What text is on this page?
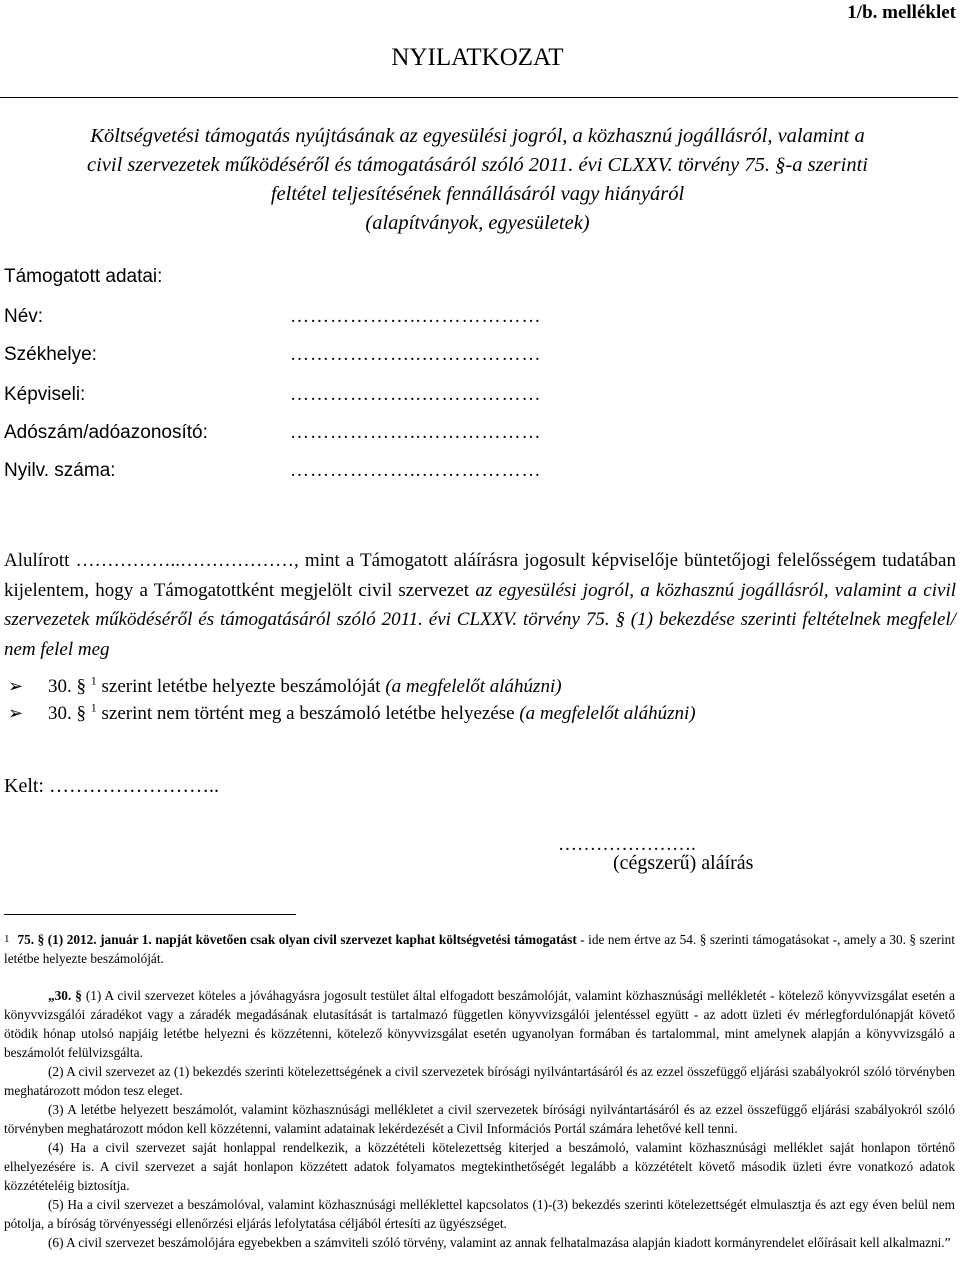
1/b. melléklet
NYILATKOZAT
Költségvetési támogatás nyújtásának az egyesülési jogról, a közhasznú jogállásról, valamint a
civil szervezetek működéséről és támogatásáról szóló 2011. évi CLXXV. törvény 75. §-a szerinti
feltétel teljesítésének fennállásáról vagy hiányáról
(alapítványok, egyesületek)
Támogatott adatai:
Név:	………………..………………
Székhelye:	………………..………………
Képviseli:	………………..………………
Adószám/adóazonosító:	………………..………………
Nyilv. száma:	………………..………………
Alulírott ……………..………………, mint a Támogatott aláírásra jogosult képviselője büntetőjogi felelősségem tudatában kijelentem, hogy a Támogatottként megjelölt civil szervezet az egyesülési jogról, a közhasznú jogállásról, valamint a civil szervezetek működéséről és támogatásáról szóló 2011. évi CLXXV. törvény 75. § (1) bekezdése szerinti feltételnek megfelel/ nem felel meg
➢ 30. § $^1$ szerint letétbe helyezte beszámolóját (a megfelelőt aláhúzni)
➢ 30. § $^1$ szerint nem történt meg a beszámoló letétbe helyezése (a megfelelőt aláhúzni)
Kelt: ……………………..
………………….
(cégszerű) aláírás

$^1$ 75. § (1) 2012. január 1. napját követően csak olyan civil szervezet kaphat költségvetési támogatást - ide nem értve az 54. § szerinti támogatásokat -, amely a 30. § szerint letétbe helyezte beszámolóját.

„30. § (1) A civil szervezet köteles a jóváhagyásra jogosult testület által elfogadott beszámolóját, valamint közhasznúsági mellékletét - kötelező könyvvizsgálat esetén a könyvvizsgálói záradékot vagy a záradék megadásának elutasítását is tartalmazó független könyvvizsgálói jelentéssel együtt - az adott üzleti év mérlegfordulónapját követő ötödik hónap utolsó napjáig letétbe helyezni és közzétenni, kötelező könyvvizsgálat esetén ugyanolyan formában és tartalommal, mint amelynek alapján a könyvvizsgáló a beszámolót felülvizsgálta.

(2) A civil szervezet az (1) bekezdés szerinti kötelezettségének a civil szervezetek bírósági nyilvántartásáról és az ezzel összefüggő eljárási szabályokról szóló törvényben meghatározott módon tesz eleget.

(3) A letétbe helyezett beszámolót, valamint közhasznúsági mellékletet a civil szervezetek bírósági nyilvántartásáról és az ezzel összefüggő eljárási szabályokról szóló törvényben meghatározott módon kell közzétenni, valamint adatainak lekérdezését a Civil Információs Portál számára lehetővé kell tenni.

(4) Ha a civil szervezet saját honlappal rendelkezik, a közzétételi kötelezettség kiterjed a beszámoló, valamint közhasznúsági melléklet saját honlapon történő elhelyezésére is. A civil szervezet a saját honlapon közzétett adatok folyamatos megtekinthetőségét legalább a közzétételt követő második üzleti évre vonatkozó adatok közzétételéig biztosítja.

(5) Ha a civil szervezet a beszámolóval, valamint közhasznúsági melléklettel kapcsolatos (1)-(3) bekezdés szerinti kötelezettségét elmulasztja és azt egy éven belül nem pótolja, a bíróság törvényességi ellenőrzési eljárás lefolytatása céljából értesíti az ügyészséget.

(6) A civil szervezet beszámolójára egyebekben a számviteli szóló törvény, valamint az annak felhatalmazása alapján kiadott kormányrendelet előírásait kell alkalmazni.”
